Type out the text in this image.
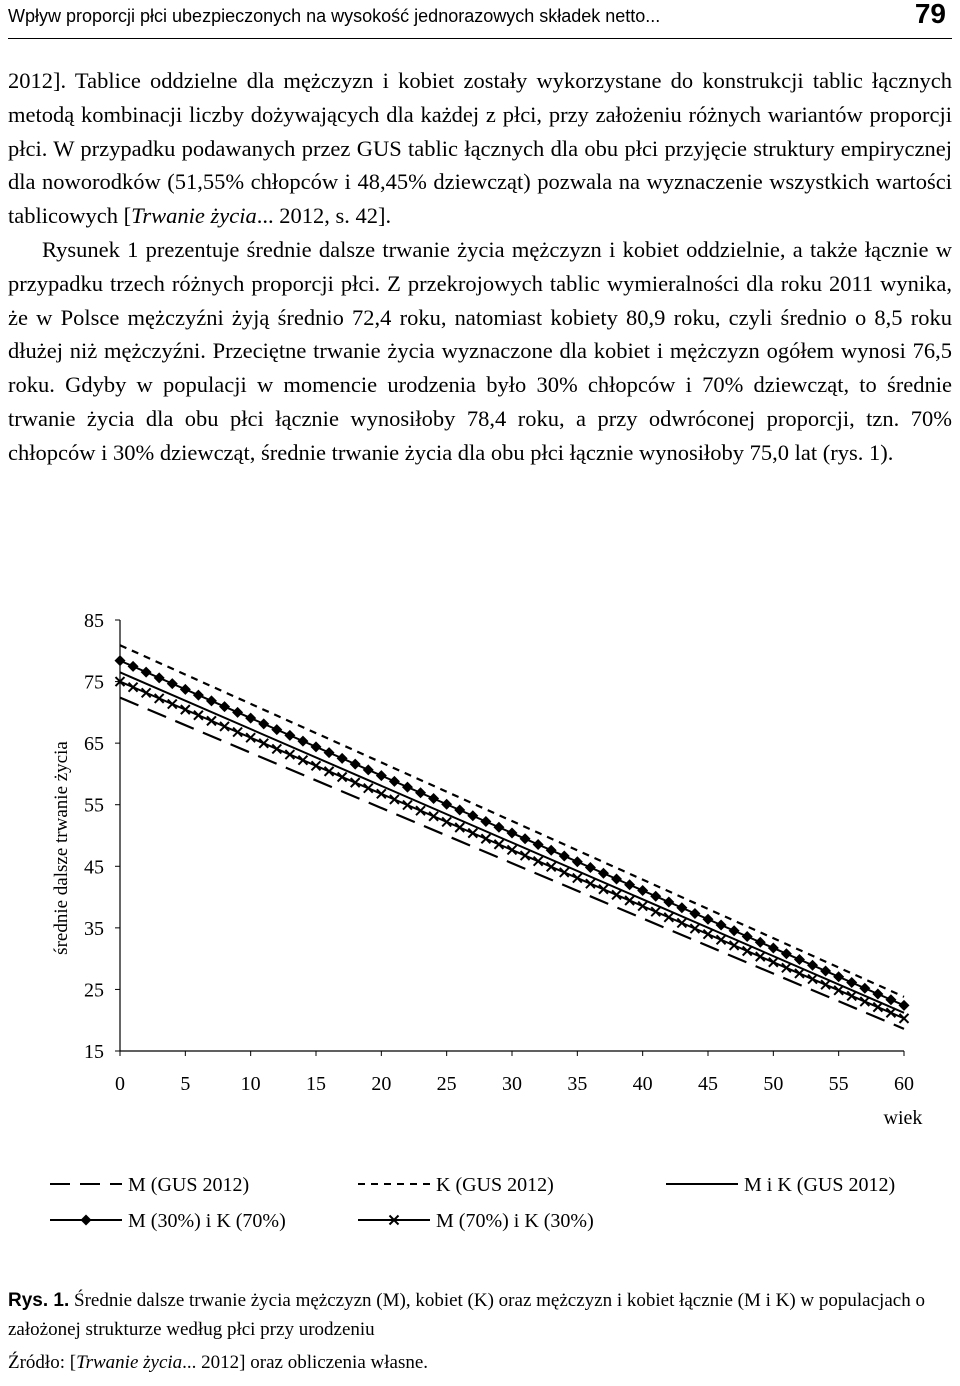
Wpływ proporcji płci ubezpieczonych na wysokość jednorazowych składek netto...	79

2012]. Tablice oddzielne dla mężczyzn i kobiet zostały wykorzystane do konstrukcji tablic łącznych metodą kombinacji liczby dożywających dla każdej z płci, przy założeniu różnych wariantów proporcji płci. W przypadku podawanych przez GUS tablic łącznych dla obu płci przyjęcie struktury empirycznej dla noworodków (51,55% chłopców i 48,45% dziewcząt) pozwala na wyznaczenie wszystkich wartości tablicowych [Trwanie życia... 2012, s. 42].

Rysunek 1 prezentuje średnie dalsze trwanie życia mężczyzn i kobiet oddzielnie, a także łącznie w przypadku trzech różnych proporcji płci. Z przekrojowych tablic wymieralności dla roku 2011 wynika, że w Polsce mężczyźni żyją średnio 72,4 roku, natomiast kobiety 80,9 roku, czyli średnio o 8,5 roku dłużej niż mężczyźni. Przeciętne trwanie życia wyznaczone dla kobiet i mężczyzn ogółem wynosi 76,5 roku. Gdyby w populacji w momencie urodzenia było 30% chłopców i 70% dziewcząt, to średnie trwanie życia dla obu płci łącznie wynosiłoby 78,4 roku, a przy odwróconej proporcji, tzn. 70% chłopców i 30% dziewcząt, średnie trwanie życia dla obu płci łącznie wynosiłoby 75,0 lat (rys. 1).

średnie dalsze trwanie życia
85
75
65
55
45
35
25
15
0	5	10 15 20 25 30 35 40 45 50 55 60
wiek
M (GUS 2012)	K (GUS 2012)	M i K (GUS 2012)
M (30%) i K (70%)	M (70%) i K (30%)
Rys. 1. Średnie dalsze trwanie życia mężczyzn (M), kobiet (K) oraz mężczyzn i kobiet łącznie (M i K) w populacjach o założonej strukturze według płci przy urodzeniu
Źródło: [Trwanie życia... 2012] oraz obliczenia własne.
